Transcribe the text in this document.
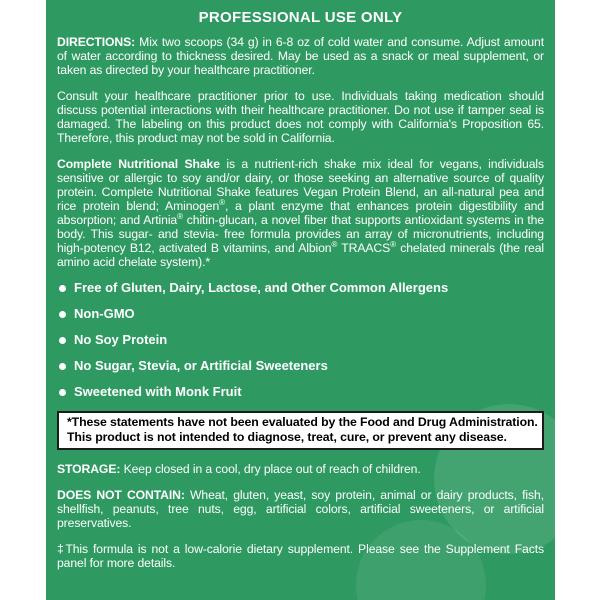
PROFESSIONAL USE ONLY

DIRECTIONS: Mix two scoops (34 g) in 6-8 oz of cold water and consume. Adjust amount of water according to thickness desired. May be used as a snack or meal supplement, or taken as directed by your healthcare practitioner.

Consult your healthcare practitioner prior to use. Individuals taking medication should discuss potential interactions with their healthcare practitioner. Do not use if tamper seal is damaged. The labeling on this product does not comply with California's Proposition 65. Therefore, this product may not be sold in California.

Complete Nutritional Shake is a nutrient-rich shake mix ideal for vegans, individuals sensitive or allergic to soy and/or dairy, or those seeking an alternative source of quality protein. Complete Nutritional Shake features Vegan Protein Blend, an all-natural pea and rice protein blend; Aminogen®, a plant enzyme that enhances protein digestibility and absorption; and Artinia® chitin-glucan, a novel fiber that supports antioxidant systems in the body. This sugar- and stevia- free formula provides an array of micronutrients, including high-potency B12, activated B vitamins, and Albion® TRAACS® chelated minerals (the real amino acid chelate system).*

Free of Gluten, Dairy, Lactose, and Other Common Allergens
Non-GMO
No Soy Protein
No Sugar, Stevia, or Artificial Sweeteners
Sweetened with Monk Fruit
*These statements have not been evaluated by the Food and Drug Administration.
This product is not intended to diagnose, treat, cure, or prevent any disease.

STORAGE: Keep closed in a cool, dry place out of reach of children.

DOES NOT CONTAIN: Wheat, gluten, yeast, soy protein, animal or dairy products, fish, shellfish, peanuts, tree nuts, egg, artificial colors, artificial sweeteners, or artificial preservatives.

‡This formula is not a low-calorie dietary supplement. Please see the Supplement Facts panel for more details.
